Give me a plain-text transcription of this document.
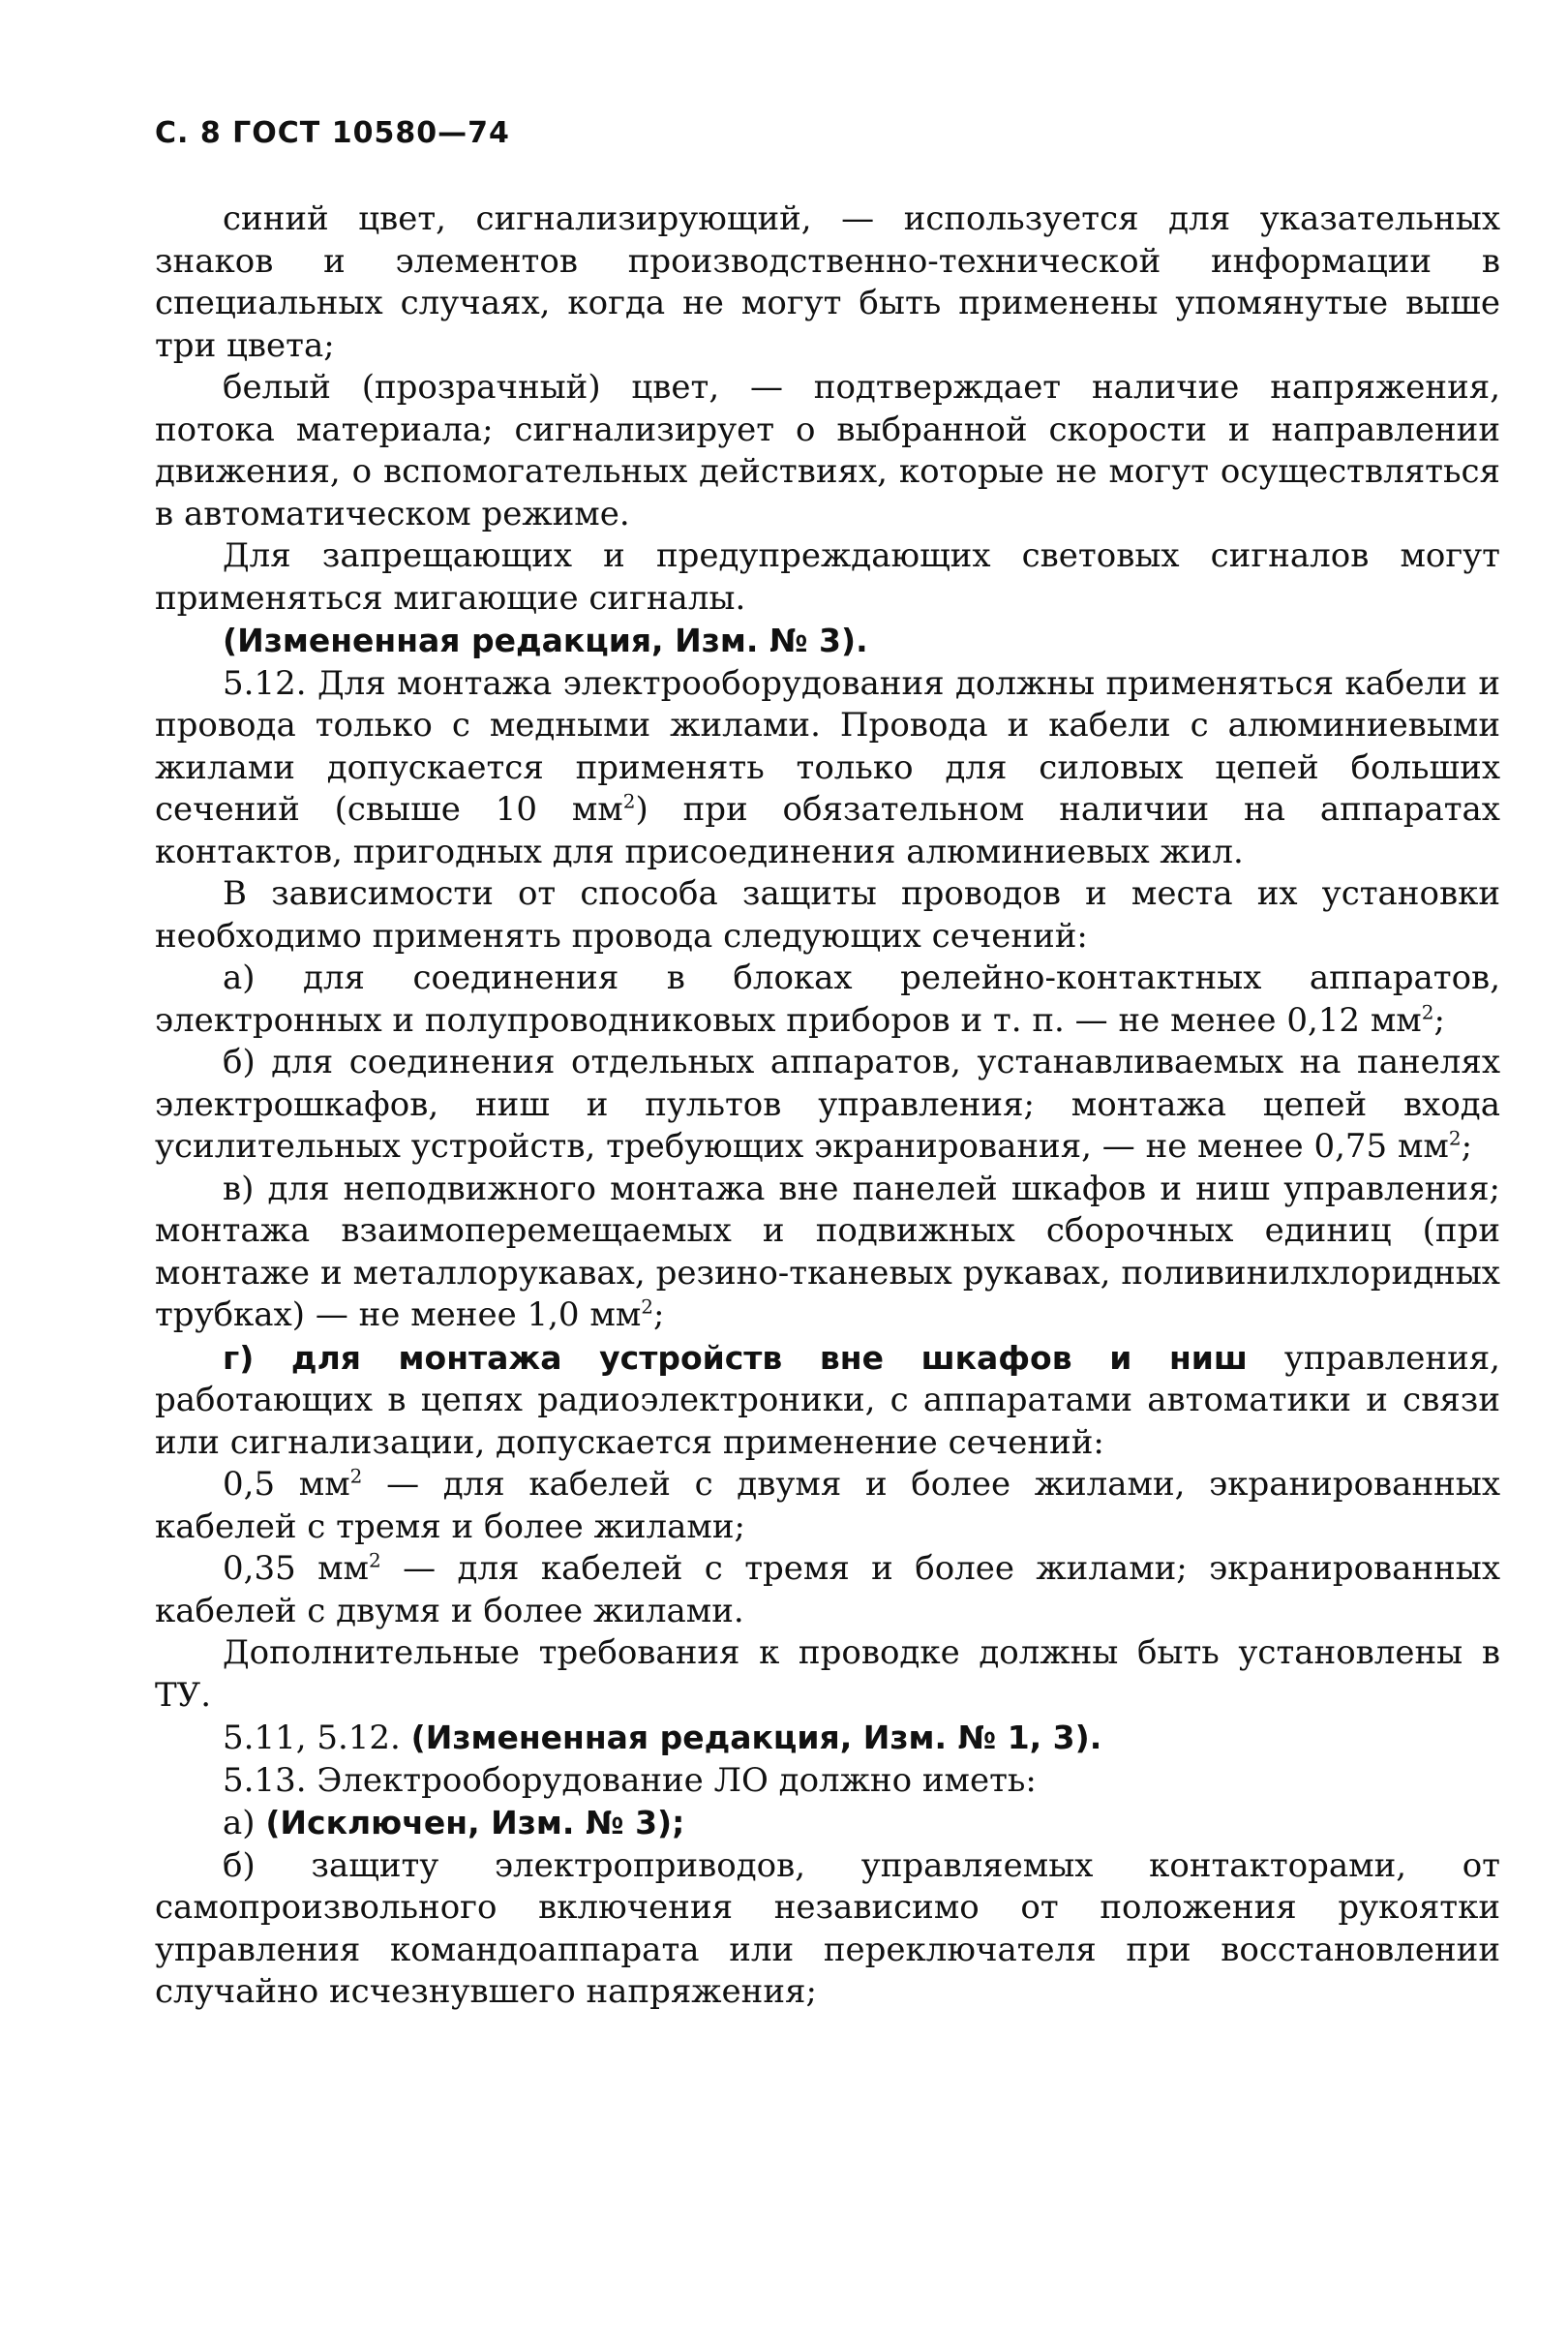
С. 8 ГОСТ 10580—74

синий цвет, сигнализирующий, — используется для указательных знаков и элементов производственно-технической информации в специальных случаях, когда не могут быть применены упомянутые выше три цвета;

белый (прозрачный) цвет, — подтверждает наличие напряжения, потока материала; сигнализирует о выбранной скорости и направлении движения, о вспомогательных действиях, которые не могут осуществляться в автоматическом режиме.

Для запрещающих и предупреждающих световых сигналов могут применяться мигающие сигналы.

(Измененная редакция, Изм. № 3).

5.12. Для монтажа электрооборудования должны применяться кабели и провода только с медными жилами. Провода и кабели с алюминиевыми жилами допускается применять только для силовых цепей больших сечений (свыше 10 $мм^2$) при обязательном наличии на аппаратах контактов, пригодных для присоединения алюминиевых жил.

В зависимости от способа защиты проводов и места их установки необходимо применять провода следующих сечений:

а) для соединения в блоках релейно-контактных аппаратов, электронных и полупроводниковых приборов и т. п. — не менее 0,12 $мм^2$;

б) для соединения отдельных аппаратов, устанавливаемых на панелях электрошкафов, ниш и пультов управления; монтажа цепей входа усилительных устройств, требующих экранирования, — не менее 0,75 $мм^2$;

в) для неподвижного монтажа вне панелей шкафов и ниш управления; монтажа взаимоперемещаемых и подвижных сборочных единиц (при монтаже и металлорукавах, резино-тканевых рукавах, поливинилхлоридных трубках) — не менее 1,0 $мм^2$;

г) для монтажа устройств вне шкафов и ниш управления, работающих в цепях радиоэлектроники, с аппаратами автоматики и связи или сигнализации, допускается применение сечений:

0,5 $мм^2$ — для кабелей с двумя и более жилами, экранированных кабелей с тремя и более жилами;

0,35 $мм^2$ — для кабелей с тремя и более жилами; экранированных кабелей с двумя и более жилами.

Дополнительные требования к проводке должны быть установлены в ТУ.

5.11, 5.12. (Измененная редакция, Изм. № 1, 3).

5.13. Электрооборудование ЛО должно иметь:

а) (Исключен, Изм. № 3);

б) защиту электроприводов, управляемых контакторами, от самопроизвольного включения независимо от положения рукоятки управления командоаппарата или переключателя при восстановлении случайно исчезнувшего напряжения;
